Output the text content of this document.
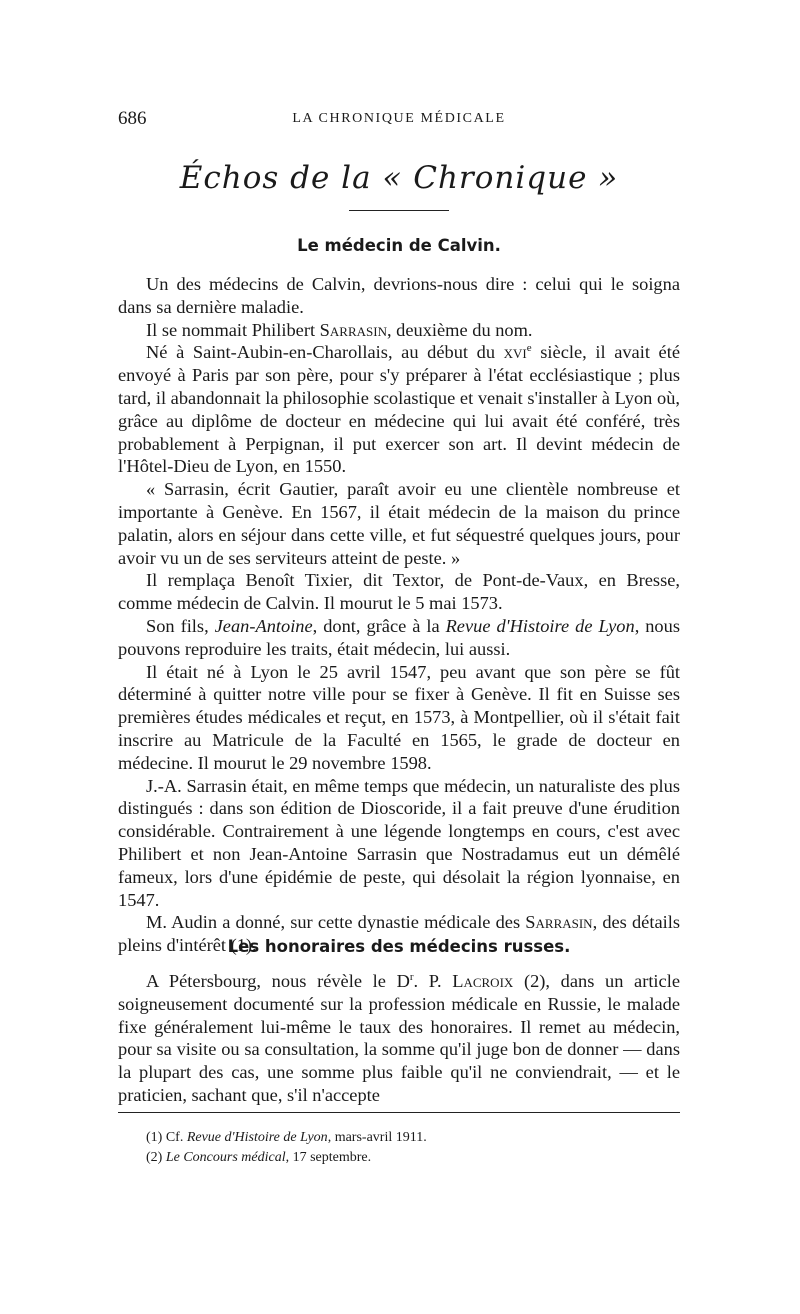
686	LA CHRONIQUE MÉDICALE
Échos de la « Chronique »
Le médecin de Calvin.

Un des médecins de Calvin, devrions-nous dire : celui qui le soigna dans sa dernière maladie.

Il se nommait Philibert Sarrasin, deuxième du nom.

Né à Saint-Aubin-en-Charollais, au début du xvi$^e$ siècle, il avait été envoyé à Paris par son père, pour s'y préparer à l'état ecclésiastique ; plus tard, il abandonnait la philosophie scolastique et venait s'installer à Lyon où, grâce au diplôme de docteur en médecine qui lui avait été conféré, très probablement à Perpignan, il put exercer son art. Il devint médecin de l'Hôtel-Dieu de Lyon, en 1550.

« Sarrasin, écrit Gautier, paraît avoir eu une clientèle nombreuse et importante à Genève. En 1567, il était médecin de la maison du prince palatin, alors en séjour dans cette ville, et fut séquestré quelques jours, pour avoir vu un de ses serviteurs atteint de peste. »

Il remplaça Benoît Tixier, dit Textor, de Pont-de-Vaux, en Bresse, comme médecin de Calvin. Il mourut le 5 mai 1573.

Son fils, Jean-Antoine, dont, grâce à la Revue d'Histoire de Lyon, nous pouvons reproduire les traits, était médecin, lui aussi.

Il était né à Lyon le 25 avril 1547, peu avant que son père se fût déterminé à quitter notre ville pour se fixer à Genève. Il fit en Suisse ses premières études médicales et reçut, en 1573, à Montpellier, où il s'était fait inscrire au Matricule de la Faculté en 1565, le grade de docteur en médecine. Il mourut le 29 novembre 1598.

J.-A. Sarrasin était, en même temps que médecin, un naturaliste des plus distingués : dans son édition de Dioscoride, il a fait preuve d'une érudition considérable. Contrairement à une légende longtemps en cours, c'est avec Philibert et non Jean-Antoine Sarrasin que Nostradamus eut un démêlé fameux, lors d'une épidémie de peste, qui désolait la région lyonnaise, en 1547.

M. Audin a donné, sur cette dynastie médicale des Sarrasin, des détails pleins d'intérêt (1).

Les honoraires des médecins russes.

A Pétersbourg, nous révèle le $D^r$. P. Lacroix (2), dans un article soigneusement documenté sur la profession médicale en Russie, le malade fixe généralement lui-même le taux des honoraires. Il remet au médecin, pour sa visite ou sa consultation, la somme qu'il juge bon de donner — dans la plupart des cas, une somme plus faible qu'il ne conviendrait, — et le praticien, sachant que, s'il n'accepte

(1) Cf. Revue d'Histoire de Lyon, mars-avril 1911.
(2) Le Concours médical, 17 septembre.
